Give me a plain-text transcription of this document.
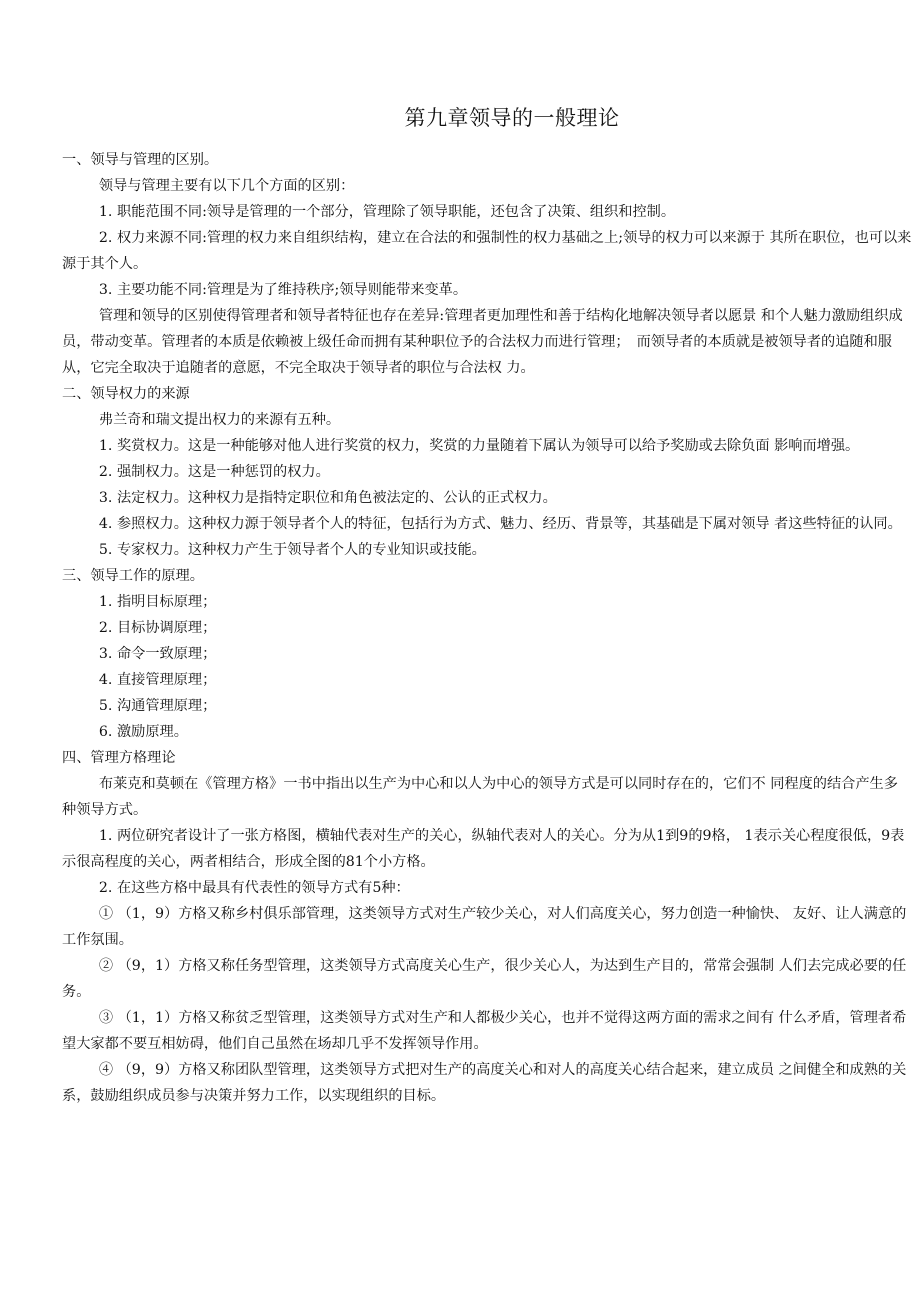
第九章领导的一般理论

一、领导与管理的区别。

领导与管理主要有以下几个方面的区别：

1. 职能范围不同:领导是管理的一个部分，管理除了领导职能，还包含了决策、组织和控制。

2. 权力来源不同:管理的权力来自组织结构，建立在合法的和强制性的权力基础之上;领导的权力可以来源于 其所在职位，也可以来源于其个人。

3. 主要功能不同:管理是为了维持秩序;领导则能带来变革。

管理和领导的区别使得管理者和领导者特征也存在差异:管理者更加理性和善于结构化地解决领导者以愿景 和个人魅力激励组织成员，带动变革。管理者的本质是依赖被上级任命而拥有某种职位予的合法权力而进行管理；　而领导者的本质就是被领导者的追随和服从，它完全取决于追随者的意愿，不完全取决于领导者的职位与合法权 力。

二、领导权力的来源

弗兰奇和瑞文提出权力的来源有五种。

1. 奖赏权力。这是一种能够对他人进行奖赏的权力，奖赏的力量随着下属认为领导可以给予奖励或去除负面 影响而增强。

2. 强制权力。这是一种惩罚的权力。

3. 法定权力。这种权力是指特定职位和角色被法定的、公认的正式权力。

4. 参照权力。这种权力源于领导者个人的特征，包括行为方式、魅力、经历、背景等，其基础是下属对领导 者这些特征的认同。

5. 专家权力。这种权力产生于领导者个人的专业知识或技能。

三、领导工作的原理。

1. 指明目标原理；

2. 目标协调原理；

3. 命令一致原理；

4. 直接管理原理；

5. 沟通管理原理；

6. 激励原理。

四、管理方格理论

布莱克和莫顿在《管理方格》一书中指出以生产为中心和以人为中心的领导方式是可以同时存在的，它们不 同程度的结合产生多种领导方式。

1. 两位研究者设计了一张方格图，横轴代表对生产的关心，纵轴代表对人的关心。分为从1到9的9格， 1表示关心程度很低，9表示很高程度的关心，两者相结合，形成全图的81个小方格。

2. 在这些方格中最具有代表性的领导方式有5种：

① （1，9）方格又称乡村俱乐部管理，这类领导方式对生产较少关心，对人们高度关心，努力创造一种愉快、 友好、让人满意的工作氛围。

② （9，1）方格又称任务型管理，这类领导方式高度关心生产，很少关心人，为达到生产目的，常常会强制 人们去完成必要的任务。

③ （1，1）方格又称贫乏型管理，这类领导方式对生产和人都极少关心，也并不觉得这两方面的需求之间有 什么矛盾，管理者希望大家都不要互相妨碍，他们自己虽然在场却几乎不发挥领导作用。

④ （9，9）方格又称团队型管理，这类领导方式把对生产的高度关心和对人的高度关心结合起来，建立成员 之间健全和成熟的关系，鼓励组织成员参与决策并努力工作，以实现组织的目标。
